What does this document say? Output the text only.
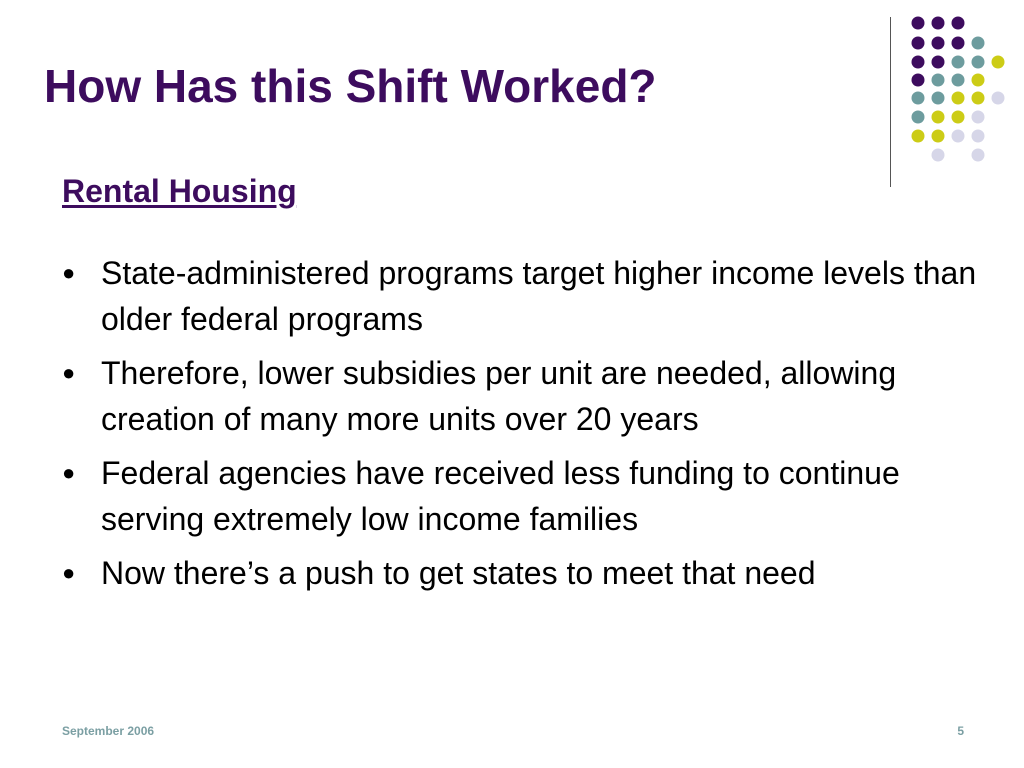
How Has this Shift Worked?
Rental Housing
● State-administered programs target higher income levels than older federal programs
● Therefore, lower subsidies per unit are needed, allowing creation of many more units over 20 years
● Federal agencies have received less funding to continue serving extremely low income families
● Now there’s a push to get states to meet that need
September 2006	5
